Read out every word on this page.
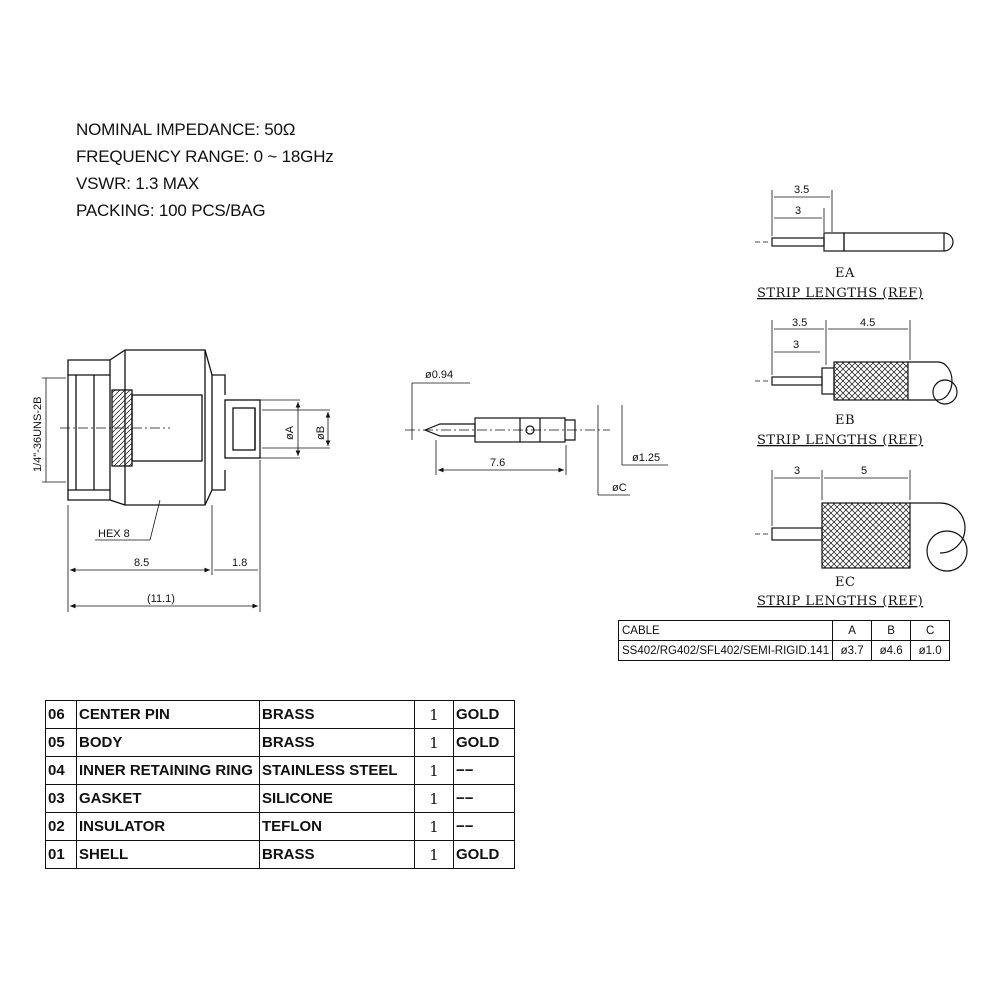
NOMINAL IMPEDANCE: 50Ω
FREQUENCY RANGE: 0 ~ 18GHz
VSWR: 1.3 MAX
PACKING: 100 PCS/BAG
1/4"-36UNS-2B	øA øB
HEX 8
8.5	1.8
(11.1)
ø0.94
7.6	ø1.25
øC
3.5
3
EA
STRIP LENGTHS (REF)
3.5	4.5
3
EB
STRIP LENGTHS (REF)
3	5
EC
STRIP LENGTHS (REF)
CABLE	A	B	C
SS402/RG402/SFL402/SEMI-RIGID.141	ø3.7	ø4.6	ø1.0
06	CENTER PIN	BRASS	1	GOLD
05	BODY	BRASS	1	GOLD
04	INNER RETAINING RING	STAINLESS STEEL	1	−−
03	GASKET	SILICONE	1	−−
02	INSULATOR	TEFLON	1	−−
01	SHELL	BRASS	1	GOLD
